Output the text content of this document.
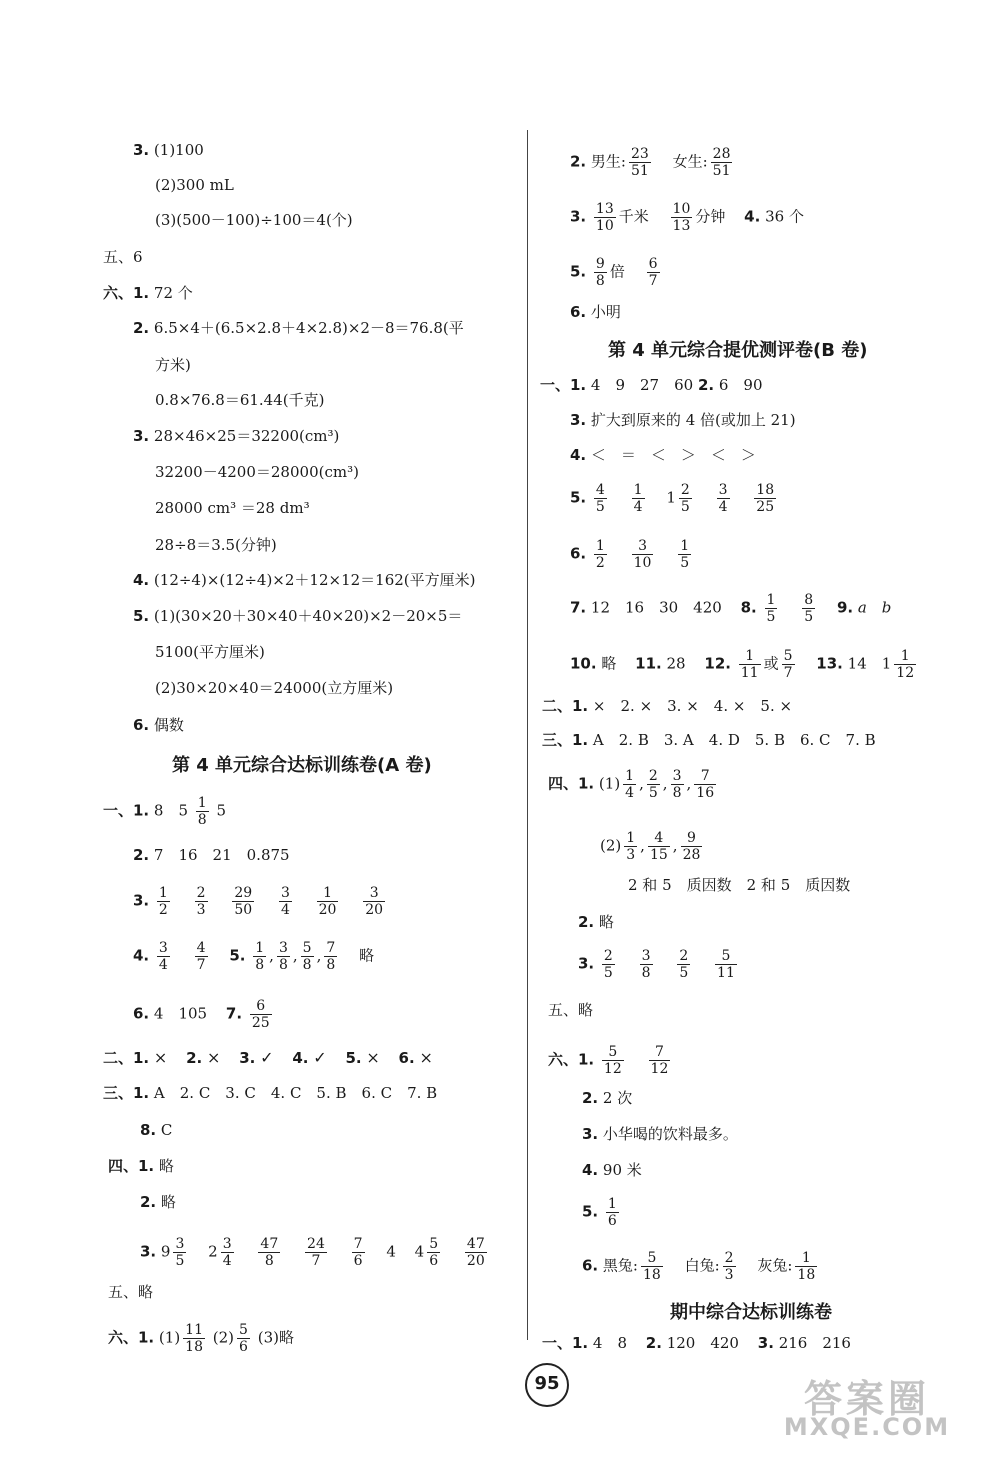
3. (1)100
(2)300 mL
(3)(500－100)÷100＝4(个)
五、6
六、1. 72 个
2. 6.5×4＋(6.5×2.8＋4×2.8)×2－8＝76.8(平
方米)
0.8×76.8＝61.44(千克)
3. 28×46×25＝32200(cm³)
32200－4200＝28000(cm³)
28000 cm³ ＝28 dm³
28÷8＝3.5(分钟)
4. (12÷4)×(12÷4)×2＋12×12＝162(平方厘米)
5. (1)(30×20＋30×40＋40×20)×2－20×5＝
5100(平方厘米)
(2)30×20×40＝24000(立方厘米)
6. 偶数
第 4 单元综合达标训练卷(A 卷)
一、1. 8　$5 \frac{1}{8} 5$
2. 7　16　21　0.875
3. $\frac{1}{2}$
$\frac{2}{3}$
$\frac{29}{50}$
$\frac{3}{4}$
$\frac{1}{20}$
$\frac{3}{20}$
4. $\frac{3}{4}$
$\frac{4}{7} 5$. $\frac{1}{8}$ , $\frac{3}{8}$ , $\frac{5}{8}$ , $\frac{7}{8}$ 略
6. 4　105 7. $\frac{6}{25}$
二、1. × 2. × 3. ✓ 4. ✓ 5. × 6. ×
三、1. A　2. C　3. C　4. C　5. B　6. C　7. B
8. C
四、1. 略
2. 略
3. $9 \frac{3}{5} 2 \frac{3}{4}$
$\frac{47}{8}$
$\frac{24}{7}$
$\frac{7}{6} 4$ $4 \frac{5}{6}$
$\frac{47}{20}$
五、略
六、1. $(1) \frac{11}{18} (2) \frac{5}{6} (3)$略
2. 男生: $\frac{23}{51}$ 女生: $\frac{28}{51}$
3. $\frac{13}{10}$ 千米 $\frac{10}{13}$ 分钟 4. 36 个
5. $\frac{9}{8}$ 倍 $\frac{6}{7}$
6. 小明
第 4 单元综合提优测评卷(B 卷)
一、1. 4　9　27　60 2. 6　90
3. 扩大到原来的 4 倍(或加上 21)
4. ＜　＝　＜　＞　＜　＞
5. $\frac{4}{5}$
$\frac{1}{4} 1 \frac{2}{5}$
$\frac{3}{4}$
$\frac{18}{25}$
6. $\frac{1}{2}$
$\frac{3}{10}$
$\frac{1}{5}$
7. 12　16　30　420 8. $\frac{1}{5}$
$\frac{8}{5} 9$. a　b
10. 略 11. 28 12. $\frac{1}{11}$ 或 $\frac{5}{7} 13$. 14　$1 \frac{1}{12}$
二、1. ×　2. ×　3. ×　4. ×　5. ×
三、1. A　2. B　3. A　4. D　5. B　6. C　7. B
四、1. $(1) \frac{1}{4}$ , $\frac{2}{5}$ , $\frac{3}{8}$ , $\frac{7}{16}$
$(2) \frac{1}{3}$ , $\frac{4}{15}$ , $\frac{9}{28}$
2 和 5　质因数　2 和 5　质因数
2. 略
3. $\frac{2}{5}$
$\frac{3}{8}$
$\frac{2}{5}$
$\frac{5}{11}$
五、略
六、1. $\frac{5}{12}$
$\frac{7}{12}$
2. 2 次
3. 小华喝的饮料最多。
4. 90 米
5. $\frac{1}{6}$
6. 黑兔: $\frac{5}{18}$ 白兔: $\frac{2}{3}$ 灰兔: $\frac{1}{18}$
期中综合达标训练卷
一、1. 4　8 2. 120　420 3. 216　216
95	答案圈
MXQE.COM
